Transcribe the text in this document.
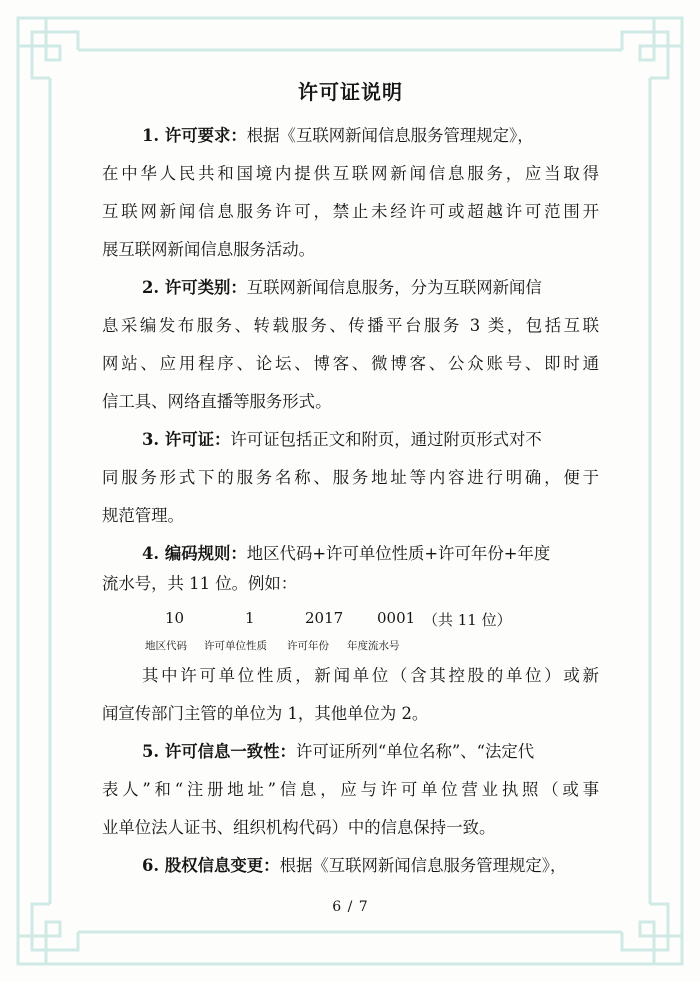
许可证说明
1. 许可要求：根据《互联网新闻信息服务管理规定》，
在中华人民共和国境内提供互联网新闻信息服务，应当取得
互联网新闻信息服务许可，禁止未经许可或超越许可范围开
展互联网新闻信息服务活动。
2. 许可类别：互联网新闻信息服务，分为互联网新闻信
息采编发布服务、转载服务、传播平台服务 3 类，包括互联
网站、应用程序、论坛、博客、微博客、公众账号、即时通
信工具、网络直播等服务形式。
3. 许可证：许可证包括正文和附页，通过附页形式对不
同服务形式下的服务名称、服务地址等内容进行明确，便于
规范管理。
4. 编码规则：地区代码+许可单位性质+许可年份+年度
流水号，共 11 位。例如：
10	1	2017 0001 （共 11 位）
地区代码 许可单位性质 许可年份 年度流水号
其中许可单位性质，新闻单位（含其控股的单位）或新
闻宣传部门主管的单位为 1，其他单位为 2。
5. 许可信息一致性：许可证所列“单位名称”、“法定代
表人”和“注册地址”信息，应与许可单位营业执照（或事
业单位法人证书、组织机构代码）中的信息保持一致。
6. 股权信息变更：根据《互联网新闻信息服务管理规定》，
6 / 7
